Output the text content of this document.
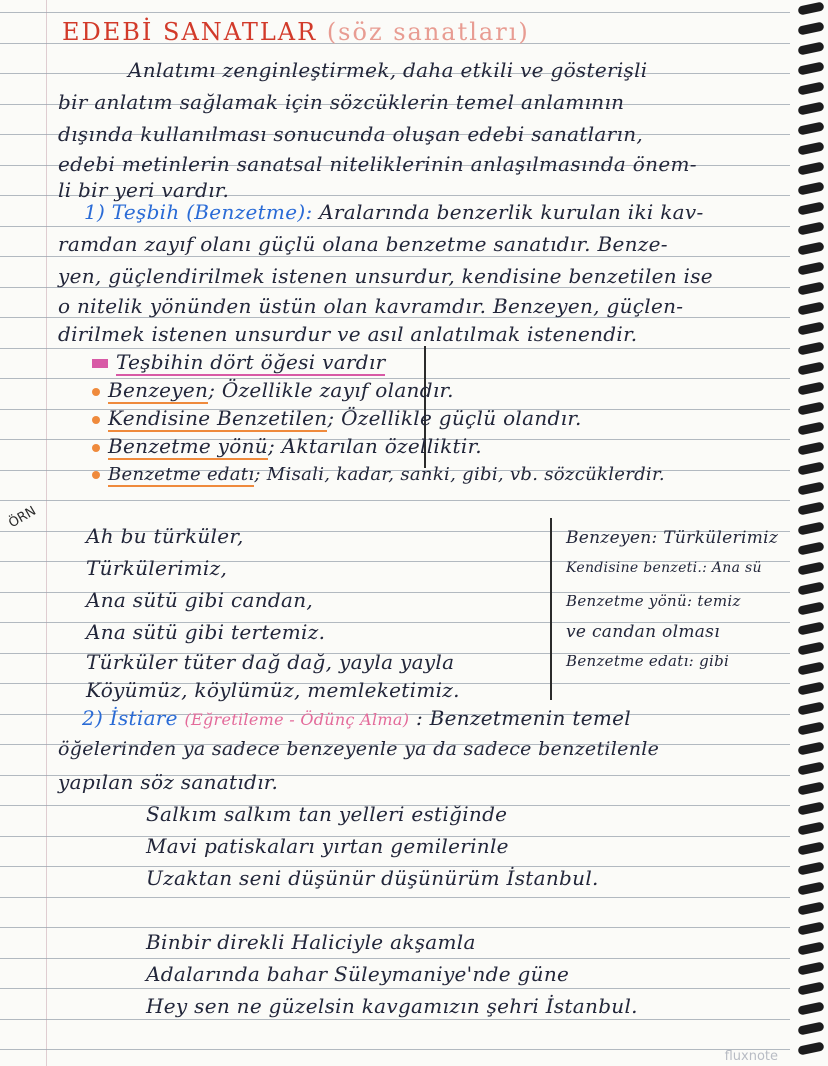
EDEBİ SANATLAR (söz sanatları)
Anlatımı zenginleştirmek, daha etkili ve gösterişli
bir anlatım sağlamak için sözcüklerin temel anlamının
dışında kullanılması sonucunda oluşan edebi sanatların,
edebi metinlerin sanatsal niteliklerinin anlaşılmasında önem-
li bir yeri vardır.
1) Teşbih (Benzetme): Aralarında benzerlik kurulan iki kav-
ramdan zayıf olanı güçlü olana benzetme sanatıdır. Benze-
yen, güçlendirilmek istenen unsurdur, kendisine benzetilen ise
o nitelik yönünden üstün olan kavramdır. Benzeyen, güçlen-
dirilmek istenen unsurdur ve asıl anlatılmak istenendir.
Teşbihin dört öğesi vardır
Benzeyen; Özellikle zayıf olandır.
Kendisine Benzetilen; Özellikle güçlü olandır.
Benzetme yönü; Aktarılan özelliktir.
Benzetme edatı; Misali, kadar, sanki, gibi, vb. sözcüklerdir.
ÖRN
Ah bu türküler,
Türkülerimiz,
Ana sütü gibi candan,
Ana sütü gibi tertemiz.
Türküler tüter dağ dağ, yayla yayla
Köyümüz, köylümüz, memleketimiz.
Benzeyen: Türkülerimiz
Kendisine benzeti.: Ana sü
Benzetme yönü: temiz
ve candan olması
Benzetme edatı: gibi
2) İstiare (Eğretileme - Ödünç Alma) : Benzetmenin temel
öğelerinden ya sadece benzeyenle ya da sadece benzetilenle
yapılan söz sanatıdır.
Salkım salkım tan yelleri estiğinde
Mavi patiskaları yırtan gemilerinle
Uzaktan seni düşünür düşünürüm İstanbul.
Binbir direkli Haliciyle akşamla
Adalarında bahar Süleymaniye'nde güne
Hey sen ne güzelsin kavgamızın şehri İstanbul.
fluxnote
